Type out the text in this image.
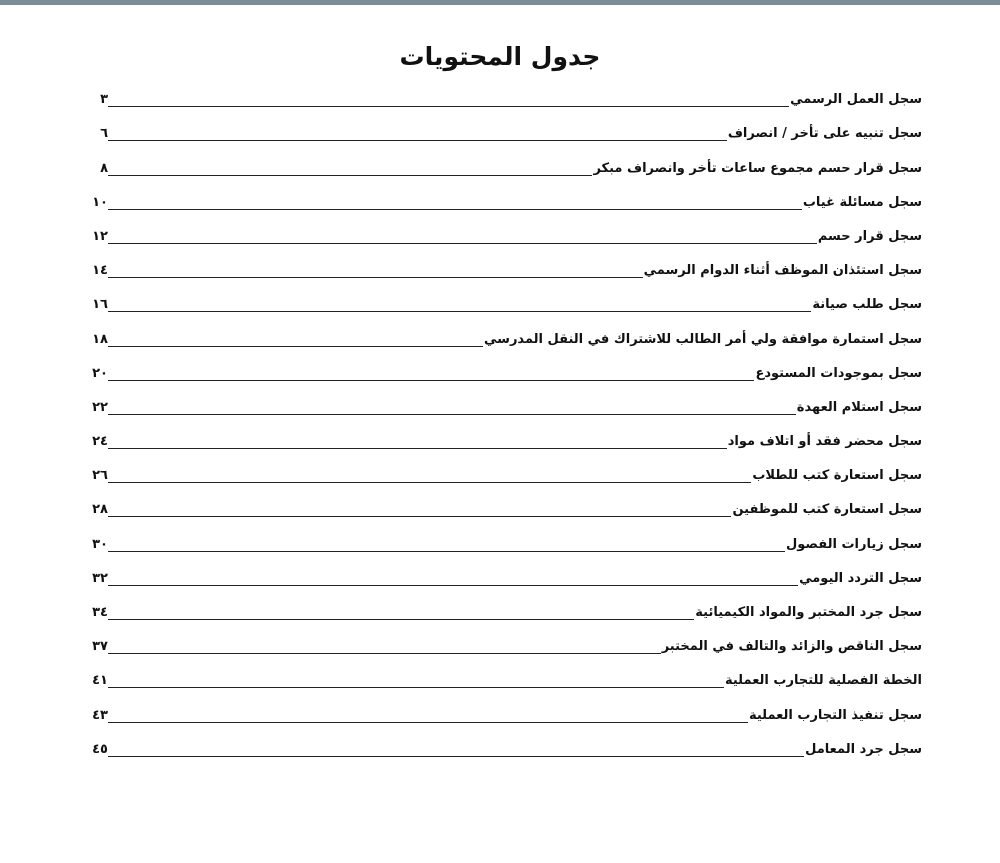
جدول المحتويات
سجل العمل الرسمي
٣
سجل تنبيه على تأخر / انصراف
٦
سجل قرار حسم مجموع ساعات تأخر وانصراف مبكر
٨
سجل مسائلة غياب
١٠
سجل قرار حسم
١٢
سجل استئذان الموظف أثناء الدوام الرسمي
١٤
سجل طلب صيانة
١٦
سجل استمارة موافقة ولي أمر الطالب للاشتراك في النقل المدرسي
١٨
سجل بموجودات المستودع
٢٠
سجل استلام العهدة
٢٢
سجل محضر فقد أو اتلاف مواد
٢٤
سجل استعارة كتب للطلاب
٢٦
سجل استعارة كتب للموظفين
٢٨
سجل زيارات الفصول
٣٠
سجل التردد اليومي
٣٢
سجل جرد المختبر والمواد الكيميائية
٣٤
سجل الناقص والزائد والتالف في المختبر
٣٧
الخطة الفصلية للتجارب العملية
٤١
سجل تنفيذ التجارب العملية
٤٣
سجل جرد المعامل
٤٥
